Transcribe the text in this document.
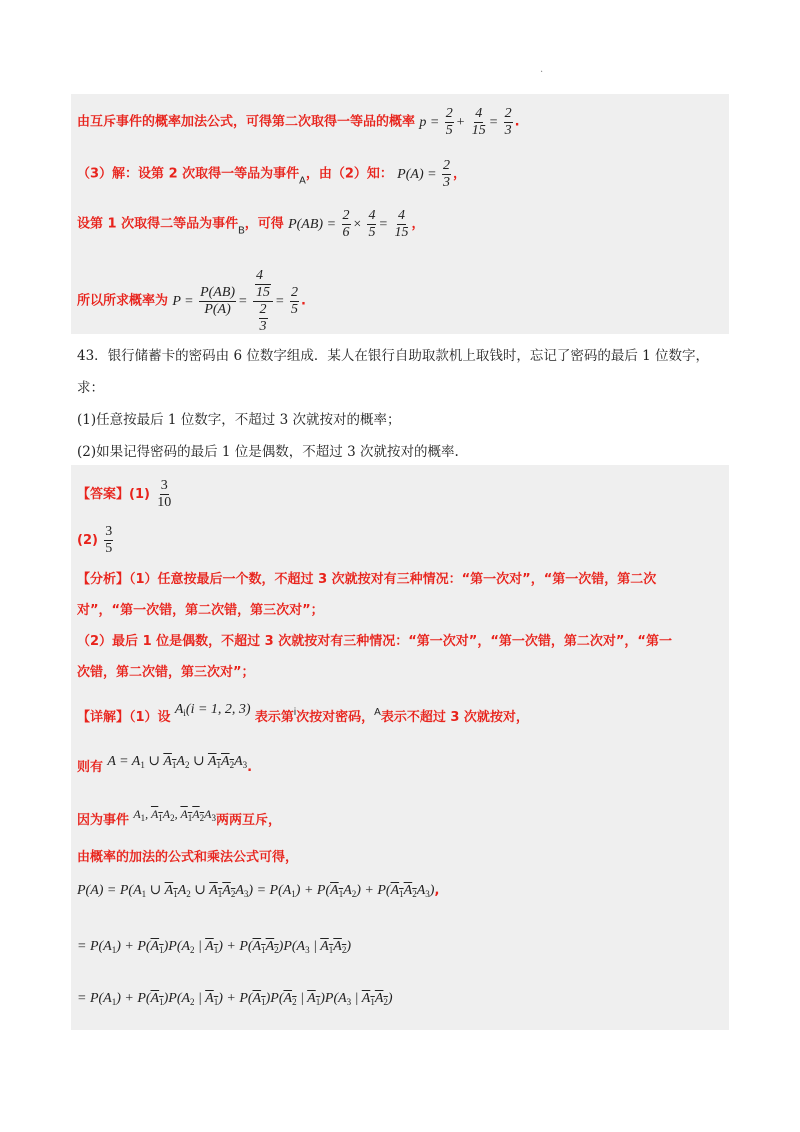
.
由互斥事件的概率加法公式，可得第二次取得一等品的概率 $p = \frac{2}{5} + \frac{4}{15} = \frac{2}{3}$ .
（3）解：设第 2 次取得一等品为事件$_A$，由（2）知： $P(A) = \frac{2}{3}$ ，
设第 1 次取得二等品为事件$_B$，可得 $P(AB) = \frac{2}{6} \times \frac{4}{5} = \frac{4}{15}$ ，
所以所求概率为 $P = \frac{P(AB)}{P(A)} = 4$
15
2
$3 = \frac{2}{5}$ .
43．银行储蓄卡的密码由 6 位数字组成．某人在银行自助取款机上取钱时，忘记了密码的最后 1 位数字，
求：
(1)任意按最后 1 位数字，不超过 3 次就按对的概率；
(2)如果记得密码的最后 1 位是偶数，不超过 3 次就按对的概率.
【答案】$(1) \frac{3}{10}$
$(2) \frac{3}{5}$
【分析】（1）任意按最后一个数，不超过 3 次就按对有三种情况：“第一次对”，“第一次错，第二次
对”，“第一次错，第二次错，第三次对”；
（2）最后 1 位是偶数，不超过 3 次就按对有三种情况：“第一次对”，“第一次错，第二次对”，“第一
次错，第二次错，第三次对”；
【详解】（1）设 $A_i(i = 1$, 2, 3) 表示第$^i$次按对密码，$^A$表示不超过 3 次就按对，
则有 $A = A_1$ ∪ $A_1A_2$ ∪ $A_1A_2A_3$.
因为事件 $A_1$, $A_1A_2$, $A_1A_2A_3$两两互斥，
由概率的加法的公式和乘法公式可得，
$P(A) = P(A_1$ ∪ $A_1A_2$ ∪ $A_1A_2A_3) = P(A_1) + P(A_1A_2) + P(A_1A_2A_3)$,
= $P(A_1) + P(A_1)P(A_2$ | $A_1) + P(A_1A_2)P(A_3$ | $A_1A_2$)
= $P(A_1) + P(A_1)P(A_2$ | $A_1) + P(A_1)P(A_2$ | $A_1)P(A_3$ | $A_1A_2$)
